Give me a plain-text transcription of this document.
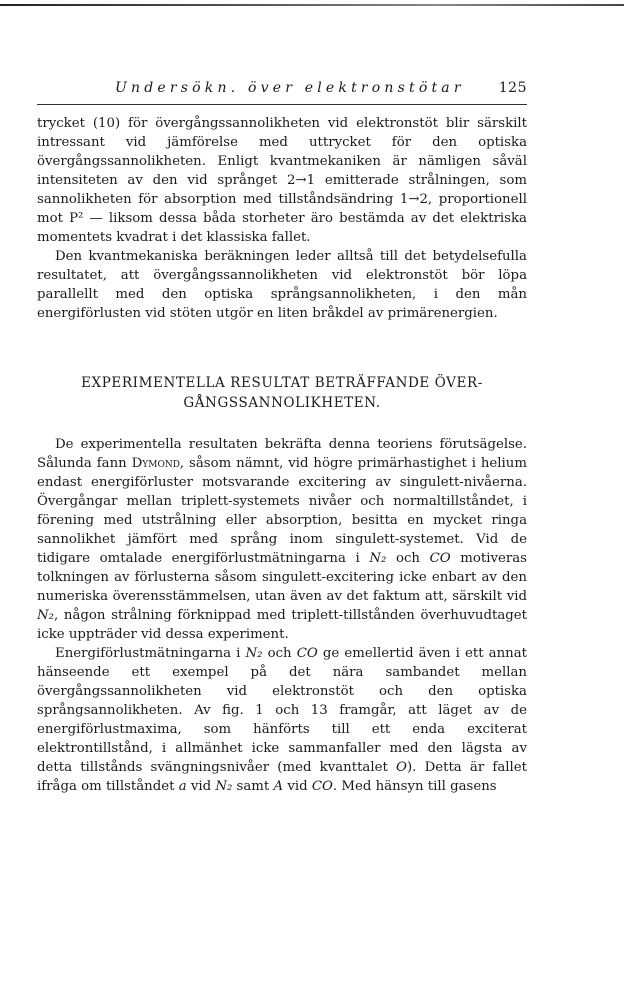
Undersökn. över elektronstötar 125

trycket (10) för övergångssannolikheten vid elektronstöt blir särskilt intressant vid jämförelse med uttrycket för den optiska övergångssannolikheten. Enligt kvantmekaniken är nämligen såväl intensiteten av den vid språnget 2→1 emitterade strålningen, som sannolikheten för absorption med tillståndsändring 1→2, proportionell mot P² — liksom dessa båda storheter äro bestämda av det elektriska momentets kvadrat i det klassiska fallet.

Den kvantmekaniska beräkningen leder alltså till det betydelsefulla resultatet, att övergångssannolikheten vid elektronstöt bör löpa parallellt med den optiska språngsannolikheten, i den mån energiförlusten vid stöten utgör en liten bråkdel av primärenergien.

EXPERIMENTELLA RESULTAT BETRÄFFANDE ÖVER-
GÅNGSSANNOLIKHETEN.

De experimentella resultaten bekräfta denna teoriens förutsägelse. Sålunda fann Dymond, såsom nämnt, vid högre primärhastighet i helium endast energiförluster motsvarande excitering av singulett-nivåerna. Övergångar mellan triplett-systemets nivåer och normaltillståndet, i förening med utstrålning eller absorption, besitta en mycket ringa sannolikhet jämfört med språng inom singulett-systemet. Vid de tidigare omtalade energiförlustmätningarna i N₂ och CO motiveras tolkningen av förlusterna såsom singulett-excitering icke enbart av den numeriska överensstämmelsen, utan även av det faktum att, särskilt vid N₂, någon strålning förknippad med triplett-tillstånden överhuvudtaget icke uppträder vid dessa experiment.

Energiförlustmätningarna i N₂ och CO ge emellertid även i ett annat hänseende ett exempel på det nära sambandet mellan övergångssannolikheten vid elektronstöt och den optiska språngsannolikheten. Av fig. 1 och 13 framgår, att läget av de energiförlustmaxima, som hänförts till ett enda exciterat elektrontillstånd, i allmänhet icke sammanfaller med den lägsta av detta tillstånds svängningsnivåer (med kvanttalet O). Detta är fallet ifråga om tillståndet a vid N₂ samt A vid CO. Med hänsyn till gasens
